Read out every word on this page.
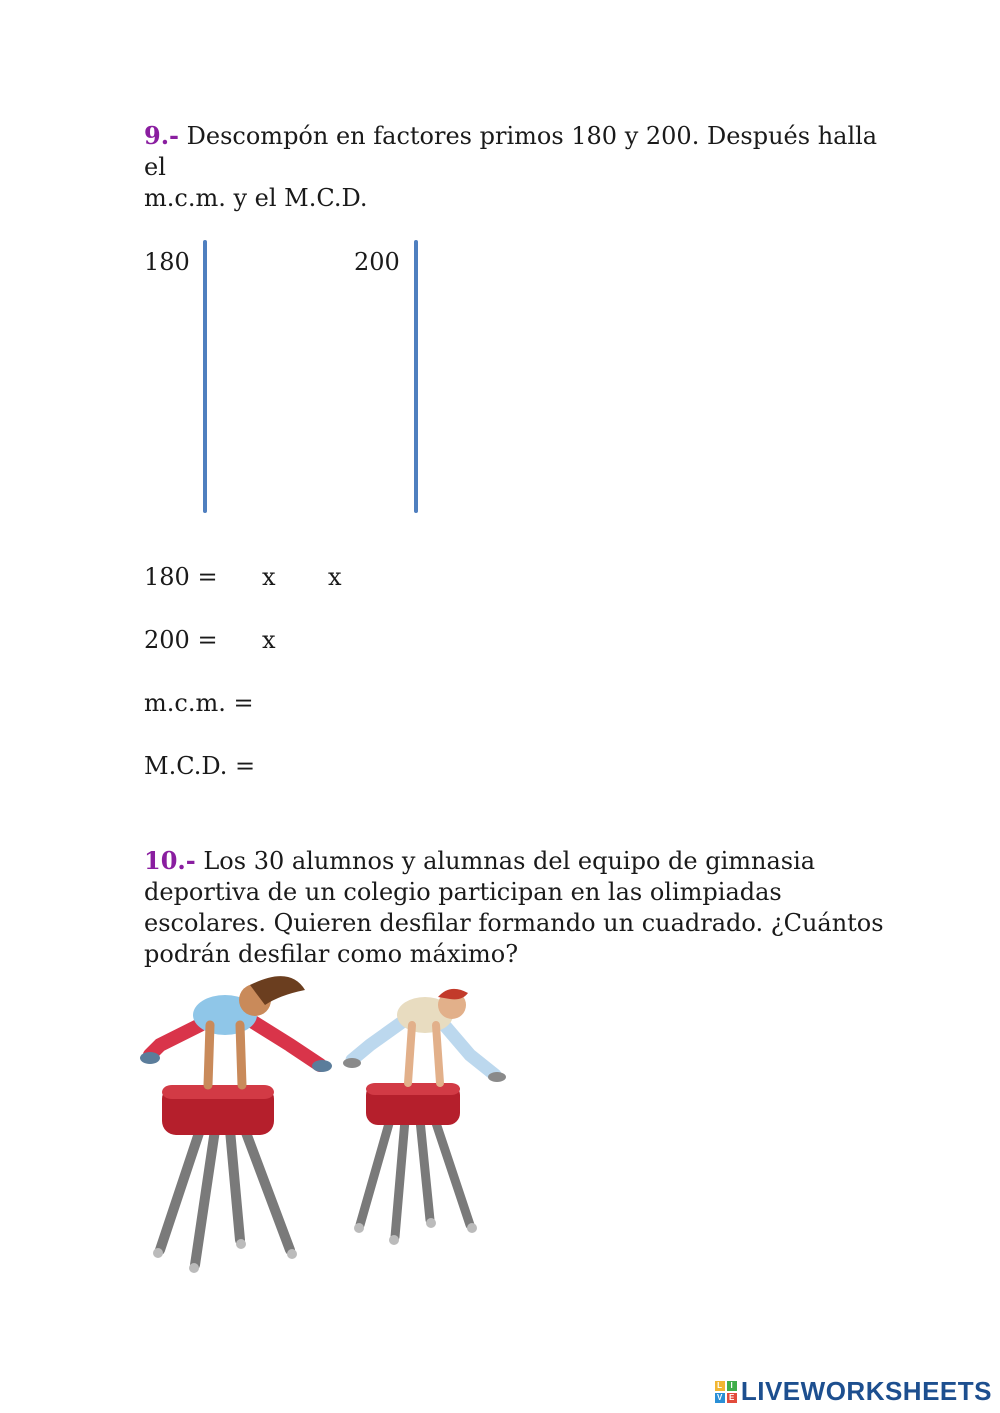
9.- Descompón en factores primos 180 y 200. Después halla el
m.c.m. y el M.C.D.
180	200
180 = x x
200 = x
m.c.m. =
M.C.D. =
10.- Los 30 alumnos y alumnas del equipo de gimnasia
deportiva de un colegio participan en las olimpiadas
escolares. Quieren desfilar formando un cuadrado. ¿Cuántos
podrán desfilar como máximo?
L I
V E LIVEWORKSHEETS
